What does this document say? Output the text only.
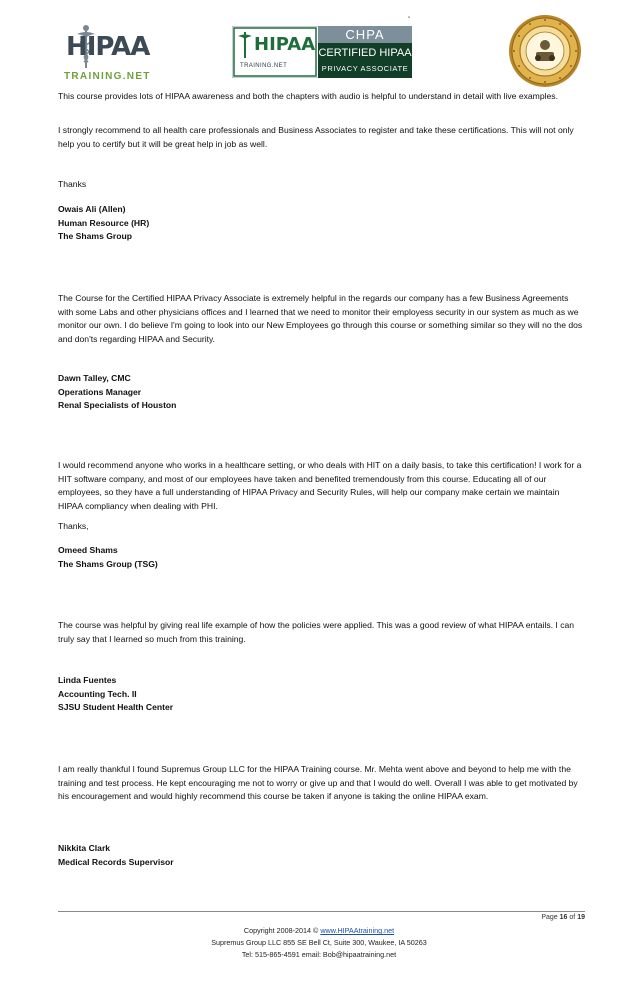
HIPAA
TRAINING.NET
HIPAA
TRAINING.NET
CHPA
CERTIFIED HIPAA
PRIVACY ASSOCIATE
"

This course provides lots of HIPAA awareness and both the chapters with audio is helpful to understand in detail with live examples.

I strongly recommend to all health care professionals and Business Associates to register and take these certifications. This will not only help you to certify but it will be great help in job as well.

Thanks

Owais Ali (Allen)
Human Resource (HR)
The Shams Group

The Course for the Certified HIPAA Privacy Associate is extremely helpful in the regards our company has a few Business Agreements with some Labs and other physicians offices and I learned that we need to monitor their employess security in our system as much as we monitor our own. I do believe I'm going to look into our New Employees go through this course or something similar so they will no the dos and don'ts regarding HIPAA and Security.

Dawn Talley, CMC
Operations Manager
Renal Specialists of Houston

I would recommend anyone who works in a healthcare setting, or who deals with HIT on a daily basis, to take this certification! I work for a HIT software company, and most of our employees have taken and benefited tremendously from this course. Educating all of our employees, so they have a full understanding of HIPAA Privacy and Security Rules, will help our company make certain we maintain HIPAA compliancy when dealing with PHI.

Thanks,

Omeed Shams
The Shams Group (TSG)

The course was helpful by giving real life example of how the policies were applied. This was a good review of what HIPAA entails. I can truly say that I learned so much from this training.

Linda Fuentes
Accounting Tech. II
SJSU Student Health Center

I am really thankful I found Supremus Group LLC for the HIPAA Training course. Mr. Mehta went above and beyond to help me with the training and test process. He kept encouraging me not to worry or give up and that I would do well. Overall I was able to get motivated by his encouragement and would highly recommend this course be taken if anyone is taking the online HIPAA exam.

Nikkita Clark
Medical Records Supervisor
Page 16 of 19
Copyright 2008-2014 © www.HIPAAtraining.net
Supremus Group LLC 855 SE Bell Ct, Suite 300, Waukee, IA 50263
Tel: 515-865-4591 email: Bob@hipaatraining.net
